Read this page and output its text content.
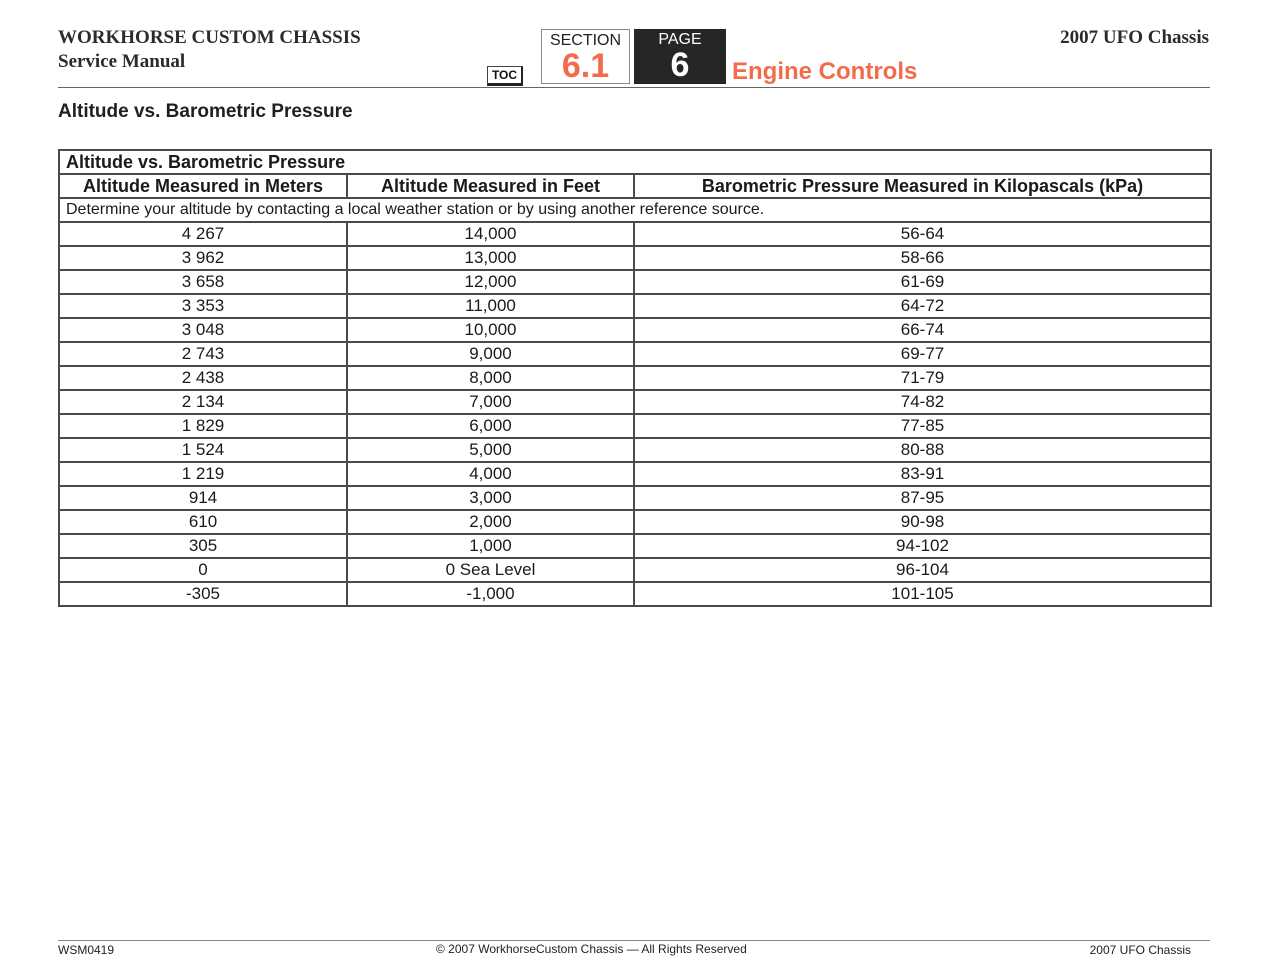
WORKHORSE CUSTOM CHASSIS
Service Manual
2007 UFO Chassis
TOC
SECTION
6.1
PAGE
6	Engine Controls
Altitude vs. Barometric Pressure
Altitude vs. Barometric Pressure		
Altitude Measured in Meters	Altitude Measured in Feet	Barometric Pressure Measured in Kilopascals (kPa)
Determine your altitude by contacting a local weather station or by using another reference source.		
4 267	14,000	56-64
3 962	13,000	58-66
3 658	12,000	61-69
3 353	11,000	64-72
3 048	10,000	66-74
2 743	9,000	69-77
2 438	8,000	71-79
2 134	7,000	74-82
1 829	6,000	77-85
1 524	5,000	80-88
1 219	4,000	83-91
914	3,000	87-95
610	2,000	90-98
305	1,000	94-102
0	0 Sea Level	96-104
-305	-1,000	101-105
WSM0419	© 2007 WorkhorseCustom Chassis — All Rights Reserved	2007 UFO Chassis
